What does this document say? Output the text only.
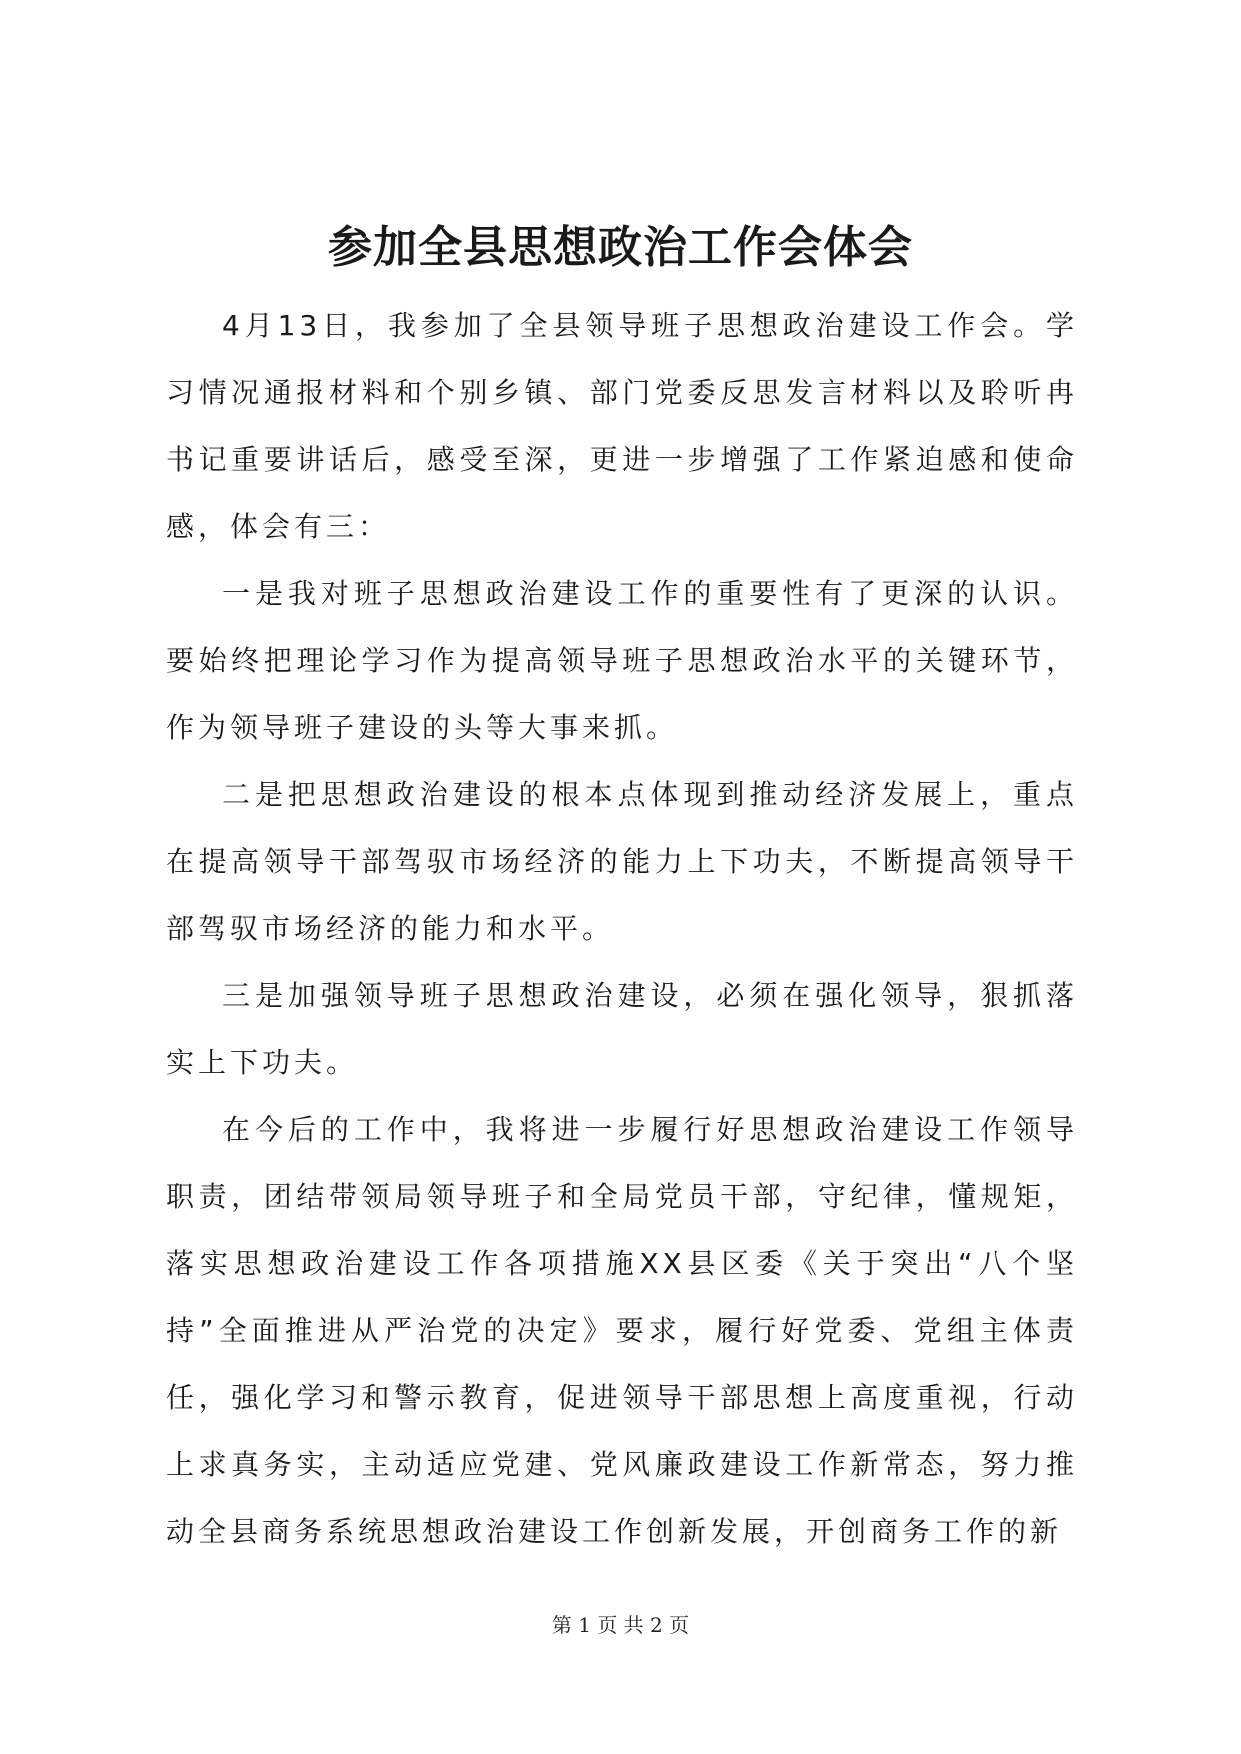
参加全县思想政治工作会体会

4月13日，我参加了全县领导班子思想政治建设工作会。学习情况通报材料和个别乡镇、部门党委反思发言材料以及聆听冉书记重要讲话后，感受至深，更进一步增强了工作紧迫感和使命感，体会有三：

一是我对班子思想政治建设工作的重要性有了更深的认识。要始终把理论学习作为提高领导班子思想政治水平的关键环节，作为领导班子建设的头等大事来抓。

二是把思想政治建设的根本点体现到推动经济发展上，重点在提高领导干部驾驭市场经济的能力上下功夫，不断提高领导干部驾驭市场经济的能力和水平。

三是加强领导班子思想政治建设，必须在强化领导，狠抓落实上下功夫。

在今后的工作中，我将进一步履行好思想政治建设工作领导职责，团结带领局领导班子和全局党员干部，守纪律，懂规矩，落实思想政治建设工作各项措施XX县区委《关于突出“八个坚持”全面推进从严治党的决定》要求，履行好党委、党组主体责任，强化学习和警示教育，促进领导干部思想上高度重视，行动上求真务实，主动适应党建、党风廉政建设工作新常态，努力推动全县商务系统思想政治建设工作创新发展，开创商务工作的新

第 1 页 共 2 页
